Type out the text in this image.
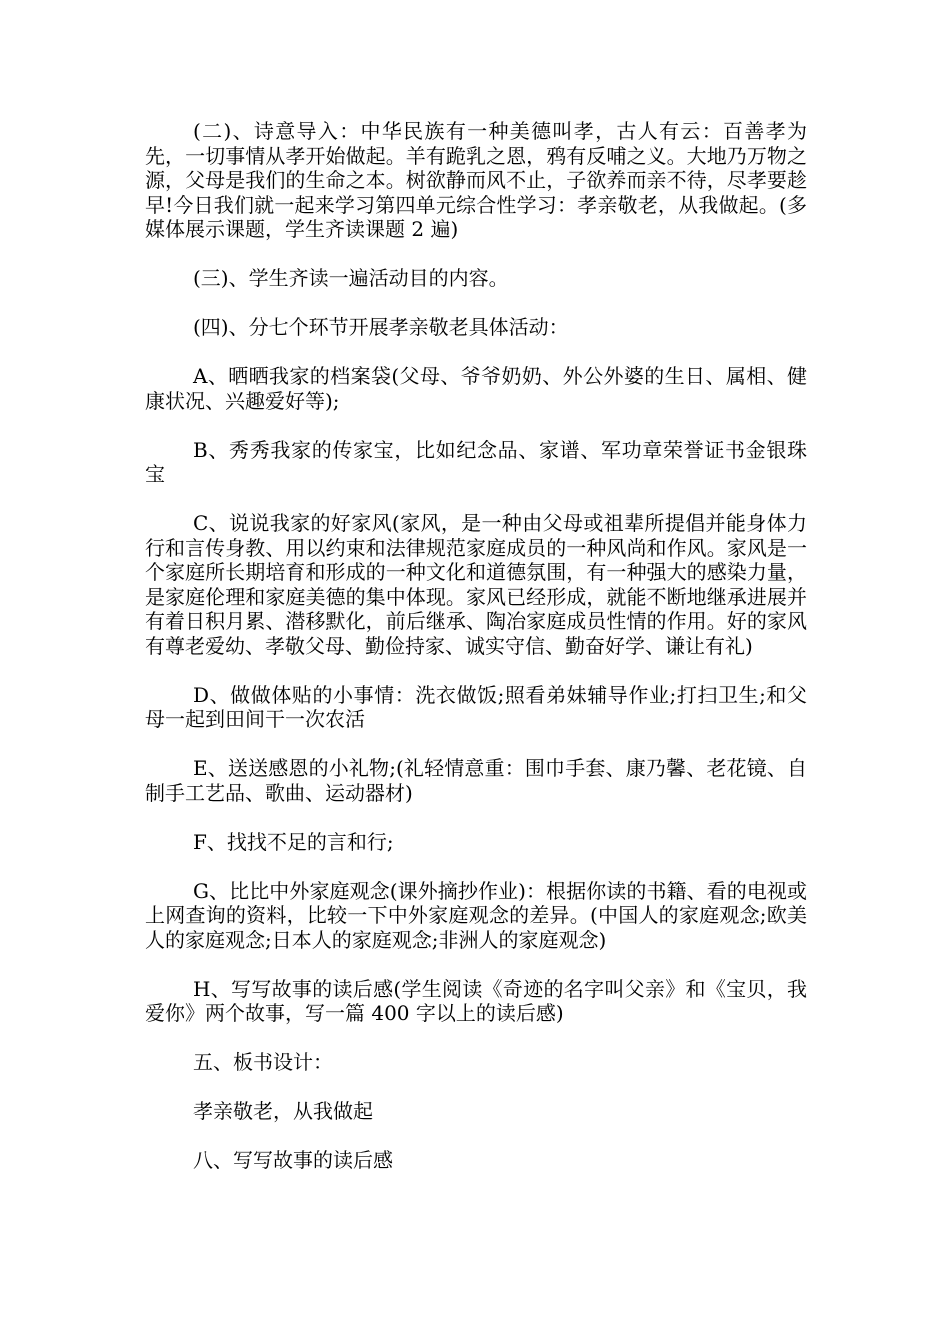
(二)、诗意导入：中华民族有一种美德叫孝，古人有云：百善孝为先，一切事情从孝开始做起。羊有跪乳之恩，鸦有反哺之义。大地乃万物之源，父母是我们的生命之本。树欲静而风不止，子欲养而亲不待，尽孝要趁早!今日我们就一起来学习第四单元综合性学习：孝亲敬老，从我做起。(多媒体展示课题，学生齐读课题 2 遍)

(三)、学生齐读一遍活动目的内容。

(四)、分七个环节开展孝亲敬老具体活动：

A、晒晒我家的档案袋(父母、爷爷奶奶、外公外婆的生日、属相、健康状况、兴趣爱好等);

B、秀秀我家的传家宝，比如纪念品、家谱、军功章荣誉证书金银珠宝

C、说说我家的好家风(家风，是一种由父母或祖辈所提倡并能身体力行和言传身教、用以约束和法律规范家庭成员的一种风尚和作风。家风是一个家庭所长期培育和形成的一种文化和道德氛围，有一种强大的感染力量，是家庭伦理和家庭美德的集中体现。家风已经形成，就能不断地继承进展并有着日积月累、潜移默化，前后继承、陶冶家庭成员性情的作用。好的家风有尊老爱幼、孝敬父母、勤俭持家、诚实守信、勤奋好学、谦让有礼)

D、做做体贴的小事情：洗衣做饭;照看弟妹辅导作业;打扫卫生;和父母一起到田间干一次农活

E、送送感恩的小礼物;(礼轻情意重：围巾手套、康乃馨、老花镜、自制手工艺品、歌曲、运动器材)

F、找找不足的言和行;

G、比比中外家庭观念(课外摘抄作业)：根据你读的书籍、看的电视或上网查询的资料，比较一下中外家庭观念的差异。(中国人的家庭观念;欧美人的家庭观念;日本人的家庭观念;非洲人的家庭观念)

H、写写故事的读后感(学生阅读《奇迹的名字叫父亲》和《宝贝，我爱你》两个故事，写一篇 400 字以上的读后感)

五、板书设计：

孝亲敬老，从我做起

八、写写故事的读后感
